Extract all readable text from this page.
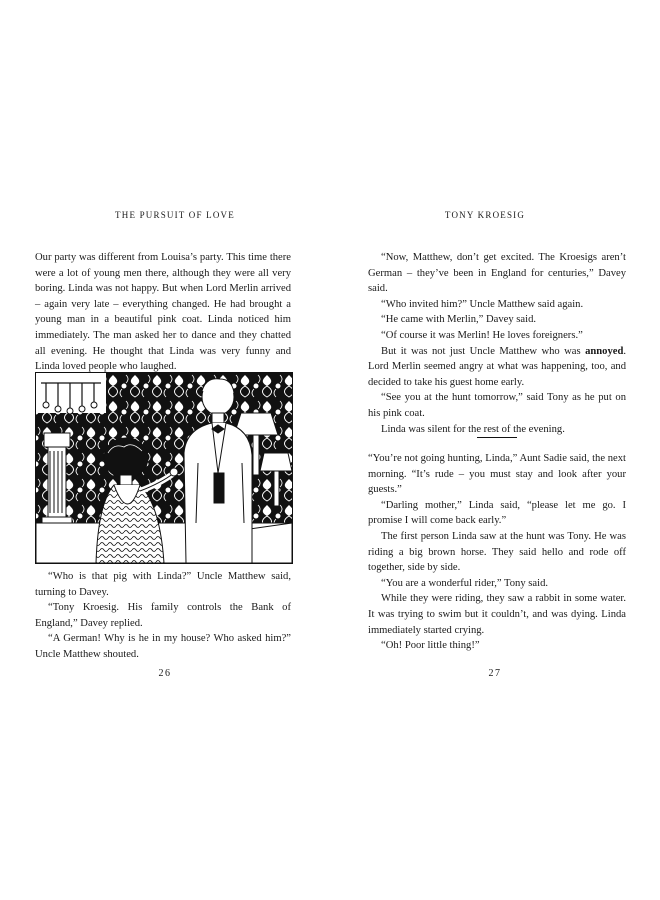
THE PURSUIT OF LOVE

Our party was different from Louisa’s party. This time there were a lot of young men there, although they were all very boring. Linda was not happy. But when Lord Merlin arrived – again very late – everything changed. He had brought a young man in a beautiful pink coat. Linda noticed him immediately. The man asked her to dance and they chatted all evening. He thought that Linda was very funny and Linda loved people who laughed.

“Who is that pig with Linda?” Uncle Matthew said, turning to Davey.

“Tony Kroesig. His family controls the Bank of England,” Davey replied.

“A German! Why is he in my house? Who asked him?” Uncle Matthew shouted.

26
TONY KROESIG

“Now, Matthew, don’t get excited. The Kroesigs aren’t German – they’ve been in England for centuries,” Davey said.

“Who invited him?” Uncle Matthew said again.

“He came with Merlin,” Davey said.

“Of course it was Merlin! He loves foreigners.”

But it was not just Uncle Matthew who was annoyed. Lord Merlin seemed angry at what was happening, too, and decided to take his guest home early.

“See you at the hunt tomorrow,” said Tony as he put on his pink coat.

Linda was silent for the rest of the evening.

“You’re not going hunting, Linda,” Aunt Sadie said, the next morning. “It’s rude – you must stay and look after your guests.”

“Darling mother,” Linda said, “please let me go. I promise I will come back early.”

The first person Linda saw at the hunt was Tony. He was riding a big brown horse. They said hello and rode off together, side by side.

“You are a wonderful rider,” Tony said.

While they were riding, they saw a rabbit in some water. It was trying to swim but it couldn’t, and was dying. Linda immediately started crying.

“Oh! Poor little thing!”

27
